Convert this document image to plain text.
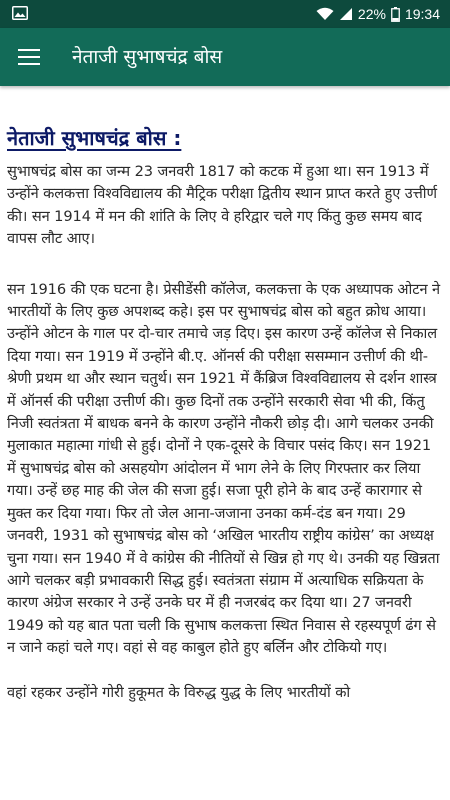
22% 19:34
नेताजी सुभाषचंद्र बोस
नेताजी सुभाषचंद्र बोस :

सुभाषचंद्र बोस का जन्म 23 जनवरी 1817 को कटक में हुआ था। सन 1913 में उन्होंने कलकत्ता विश्वविद्यालय की मैट्रिक परीक्षा द्वितीय स्थान प्राप्त करते हुए उत्तीर्ण की। सन 1914 में मन की शांति के लिए वे हरिद्वार चले गए किंतु कुछ समय बाद वापस लौट आए।

सन 1916 की एक घटना है। प्रेसीडेंसी कॉलेज, कलकत्ता के एक अध्यापक ओटन ने भारतीयों के लिए कुछ अपशब्द कहे। इस पर सुभाषचंद्र बोस को बहुत क्रोध आया। उन्होंने ओटन के गाल पर दो-चार तमाचे जड़ दिए। इस कारण उन्हें कॉलेज से निकाल दिया गया। सन 1919 में उन्होंने बी.ए. ऑनर्स की परीक्षा ससम्मान उत्तीर्ण की थी-श्रेणी प्रथम था और स्थान चतुर्थ। सन 1921 में कैंब्रिज विश्वविद्यालय से दर्शन शास्त्र में ऑनर्स की परीक्षा उत्तीर्ण की। कुछ दिनों तक उन्होंने सरकारी सेवा भी की, किंतु निजी स्वतंत्रता में बाधक बनने के कारण उन्होंने नौकरी छोड़ दी। आगे चलकर उनकी मुलाकात महात्मा गांधी से हुई। दोनों ने एक-दूसरे के विचार पसंद किए। सन 1921 में सुभाषचंद्र बोस को असहयोग आंदोलन में भाग लेने के लिए गिरफ्तार कर लिया गया। उन्हें छह माह की जेल की सजा हुई। सजा पूरी होने के बाद उन्हें कारागार से मुक्त कर दिया गया। फिर तो जेल आना-जजाना उनका कर्म-दंड बन गया। 29 जनवरी, 1931 को सुभाषचंद्र बोस को ‘अखिल भारतीय राष्ट्रीय कांग्रेस’ का अध्यक्ष चुना गया। सन 1940 में वे कांग्रेस की नीतियों से खिन्न हो गए थे। उनकी यह खिन्नता आगे चलकर बड़ी प्रभावकारी सिद्ध हुई। स्वतंत्रता संग्राम में अत्याधिक सक्रियता के कारण अंग्रेज सरकार ने उन्हें उनके घर में ही नजरबंद कर दिया था। 27 जनवरी 1949 को यह बात पता चली कि सुभाष कलकत्ता स्थित निवास से रहस्यपूर्ण ढंग से न जाने कहां चले गए। वहां से वह काबुल होते हुए बर्लिन और टोकियो गए।

वहां रहकर उन्होंने गोरी हुकूमत के विरुद्ध युद्ध के लिए भारतीयों को
